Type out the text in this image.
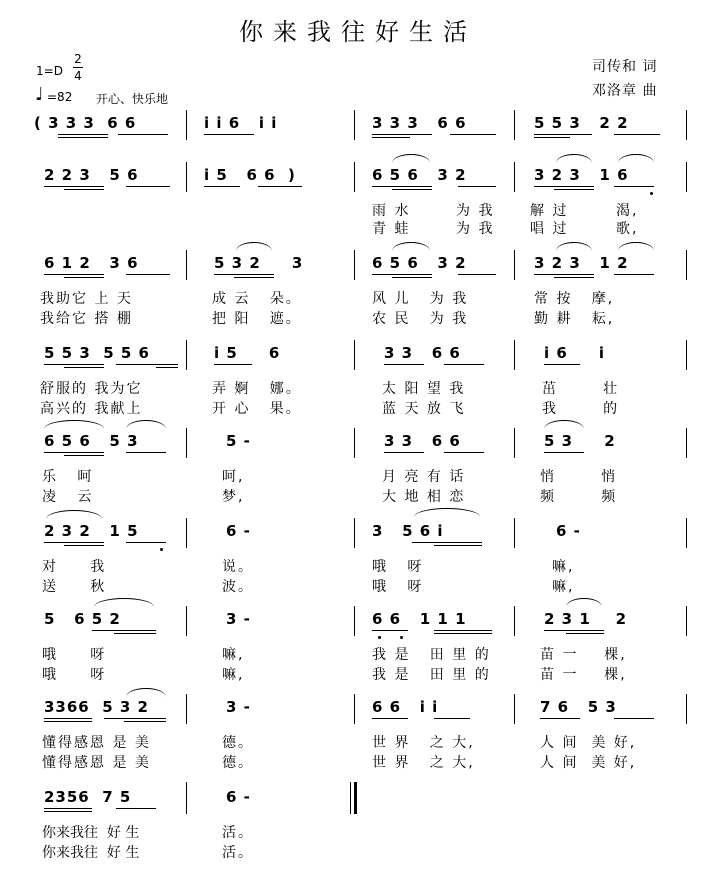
你来我往好生活
司传和 词
邓洛章 曲
1=D
2
4
♩ =82 开心、快乐地
( 3 3 3  6 6	i i 6   i i	3 3 3   6 6	5 5 3   2 2
2 2 3   5 6	i 5   6 6  )	6 5 6   3 2	3 2 3   1 6
雨 水	为 我	解 过	渴,
青 蛙	为 我	唱 过	歌,
6 1 2   3 6	5 3 2     3	6 5 6   3 2	3 2 3   1 2
我助它 上 天	成 云   朵。	风 儿   为 我	常 按   摩,
我给它 搭 棚	把 阳   遮。	农 民   为 我	勤 耕   耘,
5 5 3  5 5 6	i 5     6	3 3   6 6	i 6     i
舒服的 我为它	弄 婀   娜。	太 阳 望 我	茁       壮
高兴的 我献上	开 心   果。	蓝 天 放 飞	我       的
6 5 6   5 3	5 -	3 3   6 6	5 3     2
乐   呵	呵,	月 亮 有 话	悄       悄
凌   云	梦,	大 地 相 恋	频       频
2 3 2   1 5	6 -	3   5 6 i	6 -
对     我	说。	哦   呀	嘛,
送     秋	波。	哦   呀	嘛,
5   6 5 2	3 -	6 6   1 1 1	2 3 1    2
哦     呀	嘛,	我 是   田 里 的	苗 一    棵,
哦     呀	嘛,	我 是   田 里 的	苗 一    棵,
3366  5 3 2	3 -	6 6   i i	7 6   5 3
懂得感恩 是 美	德。	世 界   之 大,	人 间  美 好,
懂得感恩 是 美	德。	世 界   之 大,	人 间  美 好,
2356  7 5	6 -
你来我往  好 生	活。
你来我往  好 生	活。
